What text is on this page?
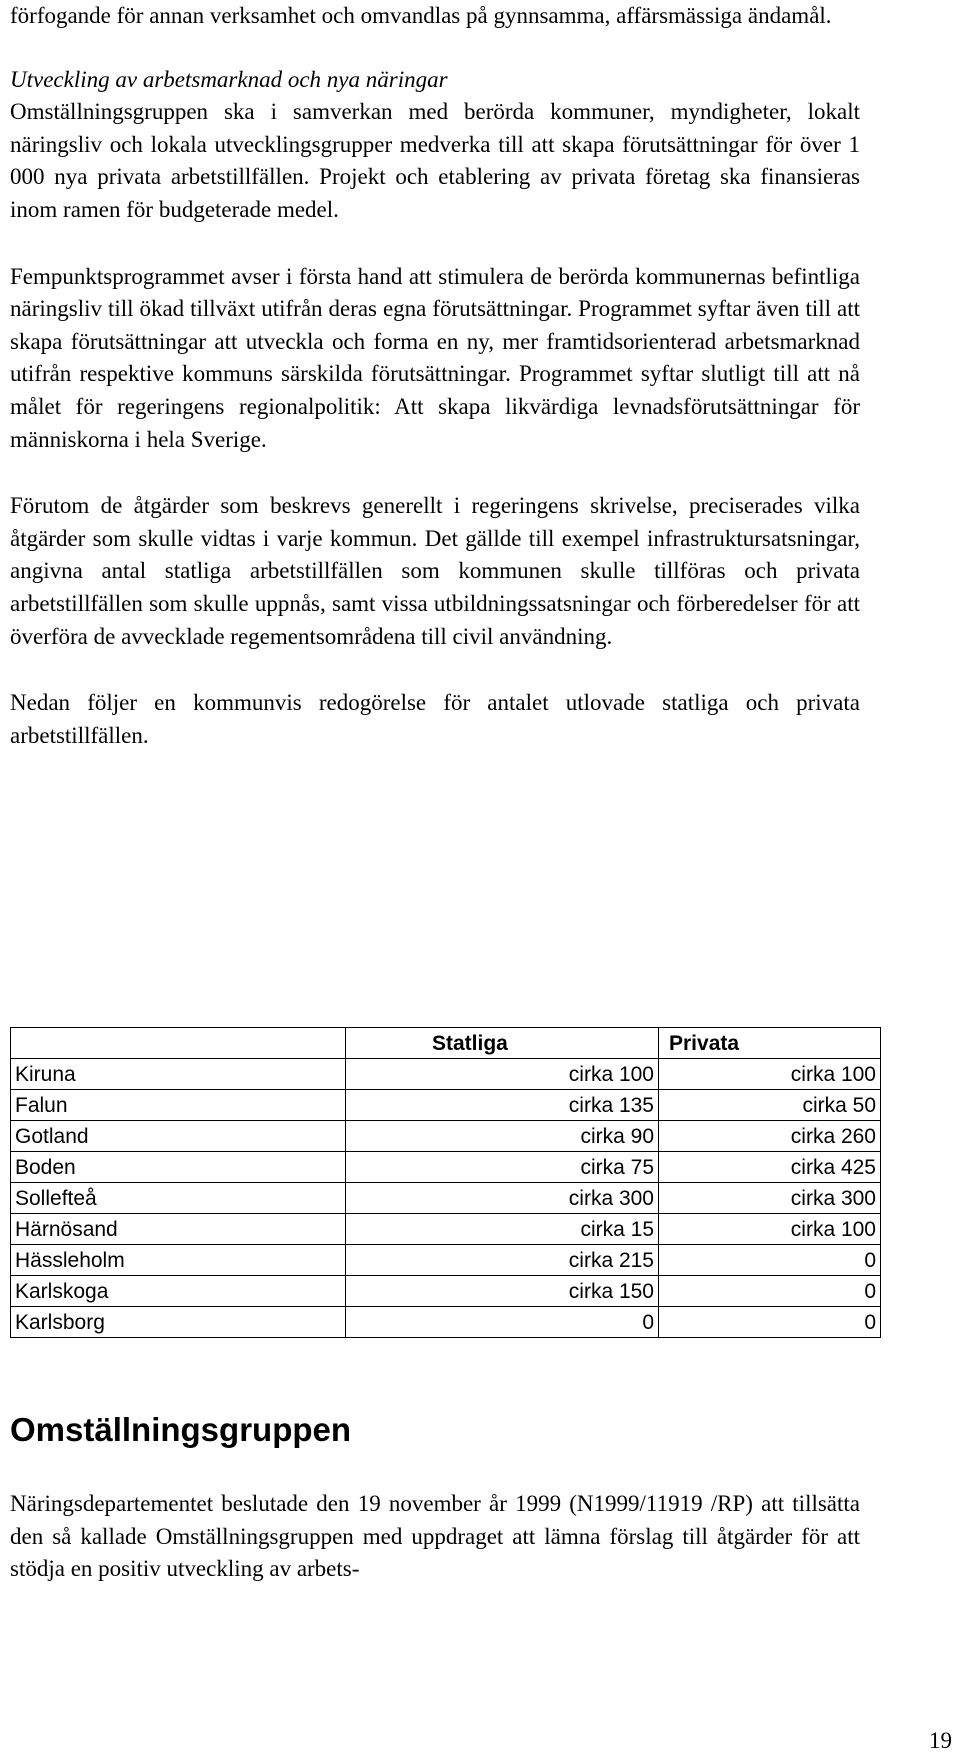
förfogande för annan verksamhet och omvandlas på gynnsamma, affärsmässiga ändamål.

Utveckling av arbetsmarknad och nya näringar
Omställningsgruppen ska i samverkan med berörda kommuner, myndigheter, lokalt näringsliv och lokala utvecklingsgrupper medverka till att skapa förutsättningar för över 1 000 nya privata arbetstillfällen. Projekt och etablering av privata företag ska finansieras inom ramen för budgeterade medel.

Fempunktsprogrammet avser i första hand att stimulera de berörda kommunernas befintliga näringsliv till ökad tillväxt utifrån deras egna förutsättningar. Programmet syftar även till att skapa förutsättningar att utveckla och forma en ny, mer framtidsorienterad arbetsmarknad utifrån respektive kommuns särskilda förutsättningar. Programmet syftar slutligt till att nå målet för regeringens regionalpolitik: Att skapa likvärdiga levnadsförutsättningar för människorna i hela Sverige.

Förutom de åtgärder som beskrevs generellt i regeringens skrivelse, preciserades vilka åtgärder som skulle vidtas i varje kommun. Det gällde till exempel infrastruktursatsningar, angivna antal statliga arbetstillfällen som kommunen skulle tillföras och privata arbetstillfällen som skulle uppnås, samt vissa utbildningssatsningar och förberedelser för att överföra de avvecklade regementsområdena till civil användning.

Nedan följer en kommunvis redogörelse för antalet utlovade statliga och privata arbetstillfällen.

	Statliga	Privata
Kiruna	cirka 100	cirka 100
Falun	cirka 135	cirka 50
Gotland	cirka 90	cirka 260
Boden	cirka 75	cirka 425
Sollefteå	cirka 300	cirka 300
Härnösand	cirka 15	cirka 100
Hässleholm	cirka 215	0
Karlskoga	cirka 150	0
Karlsborg	0	0
Omställningsgruppen

Näringsdepartementet beslutade den 19 november år 1999 (N1999/11919 /RP) att tillsätta den så kallade Omställningsgruppen med uppdraget att lämna förslag till åtgärder för att stödja en positiv utveckling av arbets-

19
